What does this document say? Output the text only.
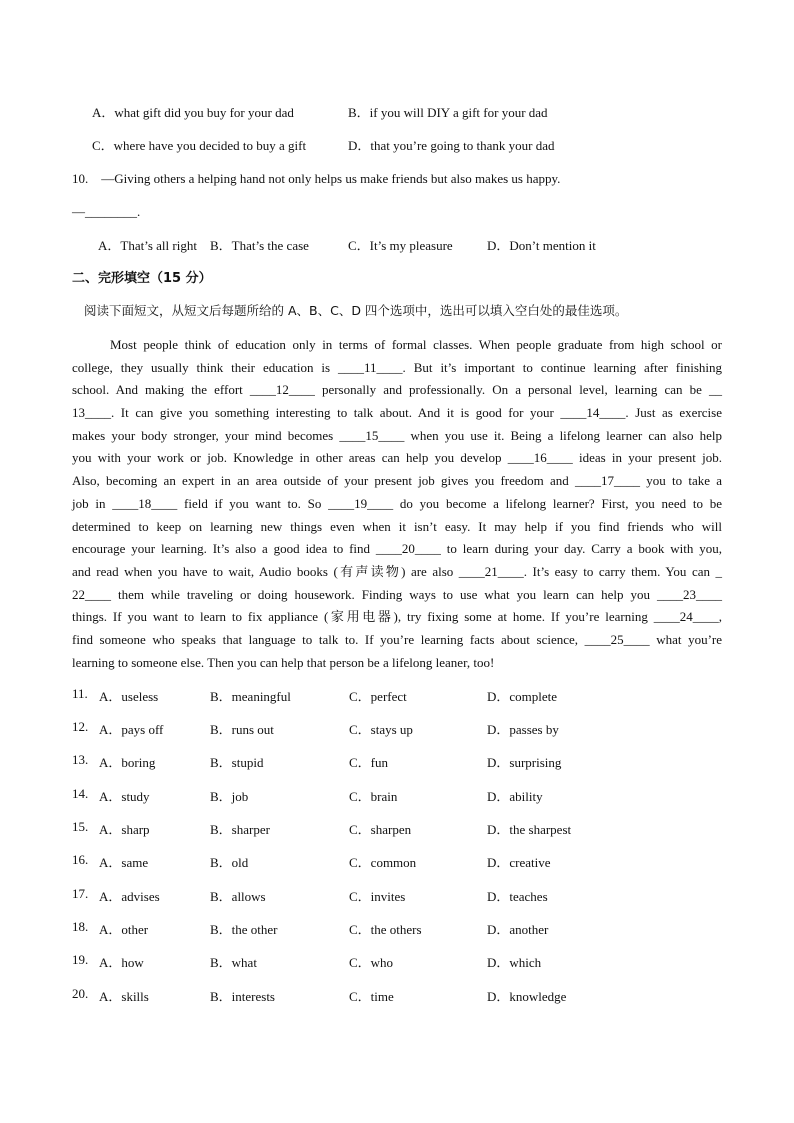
A．what gift did you buy for your dad	B．if you will DIY a gift for your dad
C．where have you decided to buy a gift	D．that you’re going to thank your dad
10.　—Giving others a helping hand not only helps us make friends but also makes us happy.
—________.
A．That’s all right B．That’s the case	C．It’s my pleasure	D．Don’t mention it
二、完形填空（15 分）
阅读下面短文，从短文后每题所给的 A、B、C、D 四个选项中，选出可以填入空白处的最佳选项。
Most people think of education only in terms of formal classes. When people graduate from high school or
college, they usually think their education is ____11____. But it’s important to continue learning after finishing
school. And making the effort ____12____ personally and professionally. On a personal level, learning can be __
13____. It can give you something interesting to talk about. And it is good for your ____14____. Just as exercise
makes your body stronger, your mind becomes ____15____ when you use it. Being a lifelong learner can also help
you with your work or job. Knowledge in other areas can help you develop ____16____ ideas in your present job.
Also, becoming an expert in an area outside of your present job gives you freedom and ____17____ you to take a
job in ____18____ field if you want to. So ____19____ do you become a lifelong learner? First, you need to be
determined to keep on learning new things even when it isn’t easy. It may help if you find friends who will
encourage your learning. It’s also a good idea to find ____20____ to learn during your day. Carry a book with you,
and read when you have to wait, Audio books (有声读物) are also ____21____. It’s easy to carry them. You can _
22____ them while traveling or doing housework. Finding ways to use what you learn can help you ____23____
things. If you want to learn to fix appliance (家用电器), try fixing some at home. If you’re learning ____24____,
find someone who speaks that language to talk to. If you’re learning facts about science, ____25____ what you’re
learning to someone else. Then you can help that person be a lifelong leaner, too!
11. A．useless	B．meaningful	C．perfect	D．complete
12. A．pays off	B．runs out	C．stays up	D．passes by
13. A．boring	B．stupid	C．fun	D．surprising
14. A．study	B．job	C．brain	D．ability
15. A．sharp	B．sharper	C．sharpen	D．the sharpest
16. A．same	B．old	C．common	D．creative
17. A．advises	B．allows	C．invites	D．teaches
18. A．other	B．the other	C．the others	D．another
19. A．how	B．what	C．who	D．which
20. A．skills	B．interests	C．time	D．knowledge
